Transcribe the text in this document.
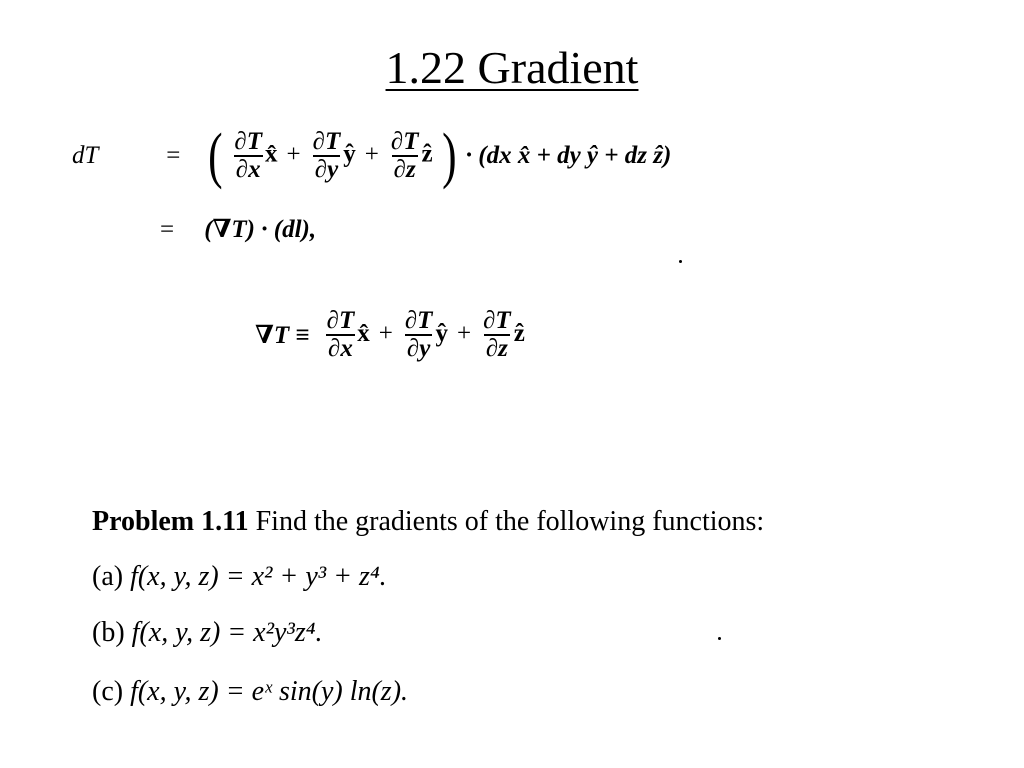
1.22 Gradient
dT	= ( $\frac{\partial T}{\partial x}$ x̂ + $\frac{\partial T}{\partial y}$ ŷ + $\frac{\partial T}{\partial z}$ ẑ ) · (dx x̂ + dy ŷ + dz ẑ)
= (∇T) · (dl),
$\nabla T \equiv \frac{\partial T}{\partial x}$ x̂ + $\frac{\partial T}{\partial y}$ ŷ + $\frac{\partial T}{\partial z}$ ẑ
Problem 1.11 Find the gradients of the following functions:
(a) f(x, y, z) = x² + y³ + z⁴.
(b) f(x, y, z) = x²y³z⁴.
(c) f(x, y, z) = eˣ sin(y) ln(z).
